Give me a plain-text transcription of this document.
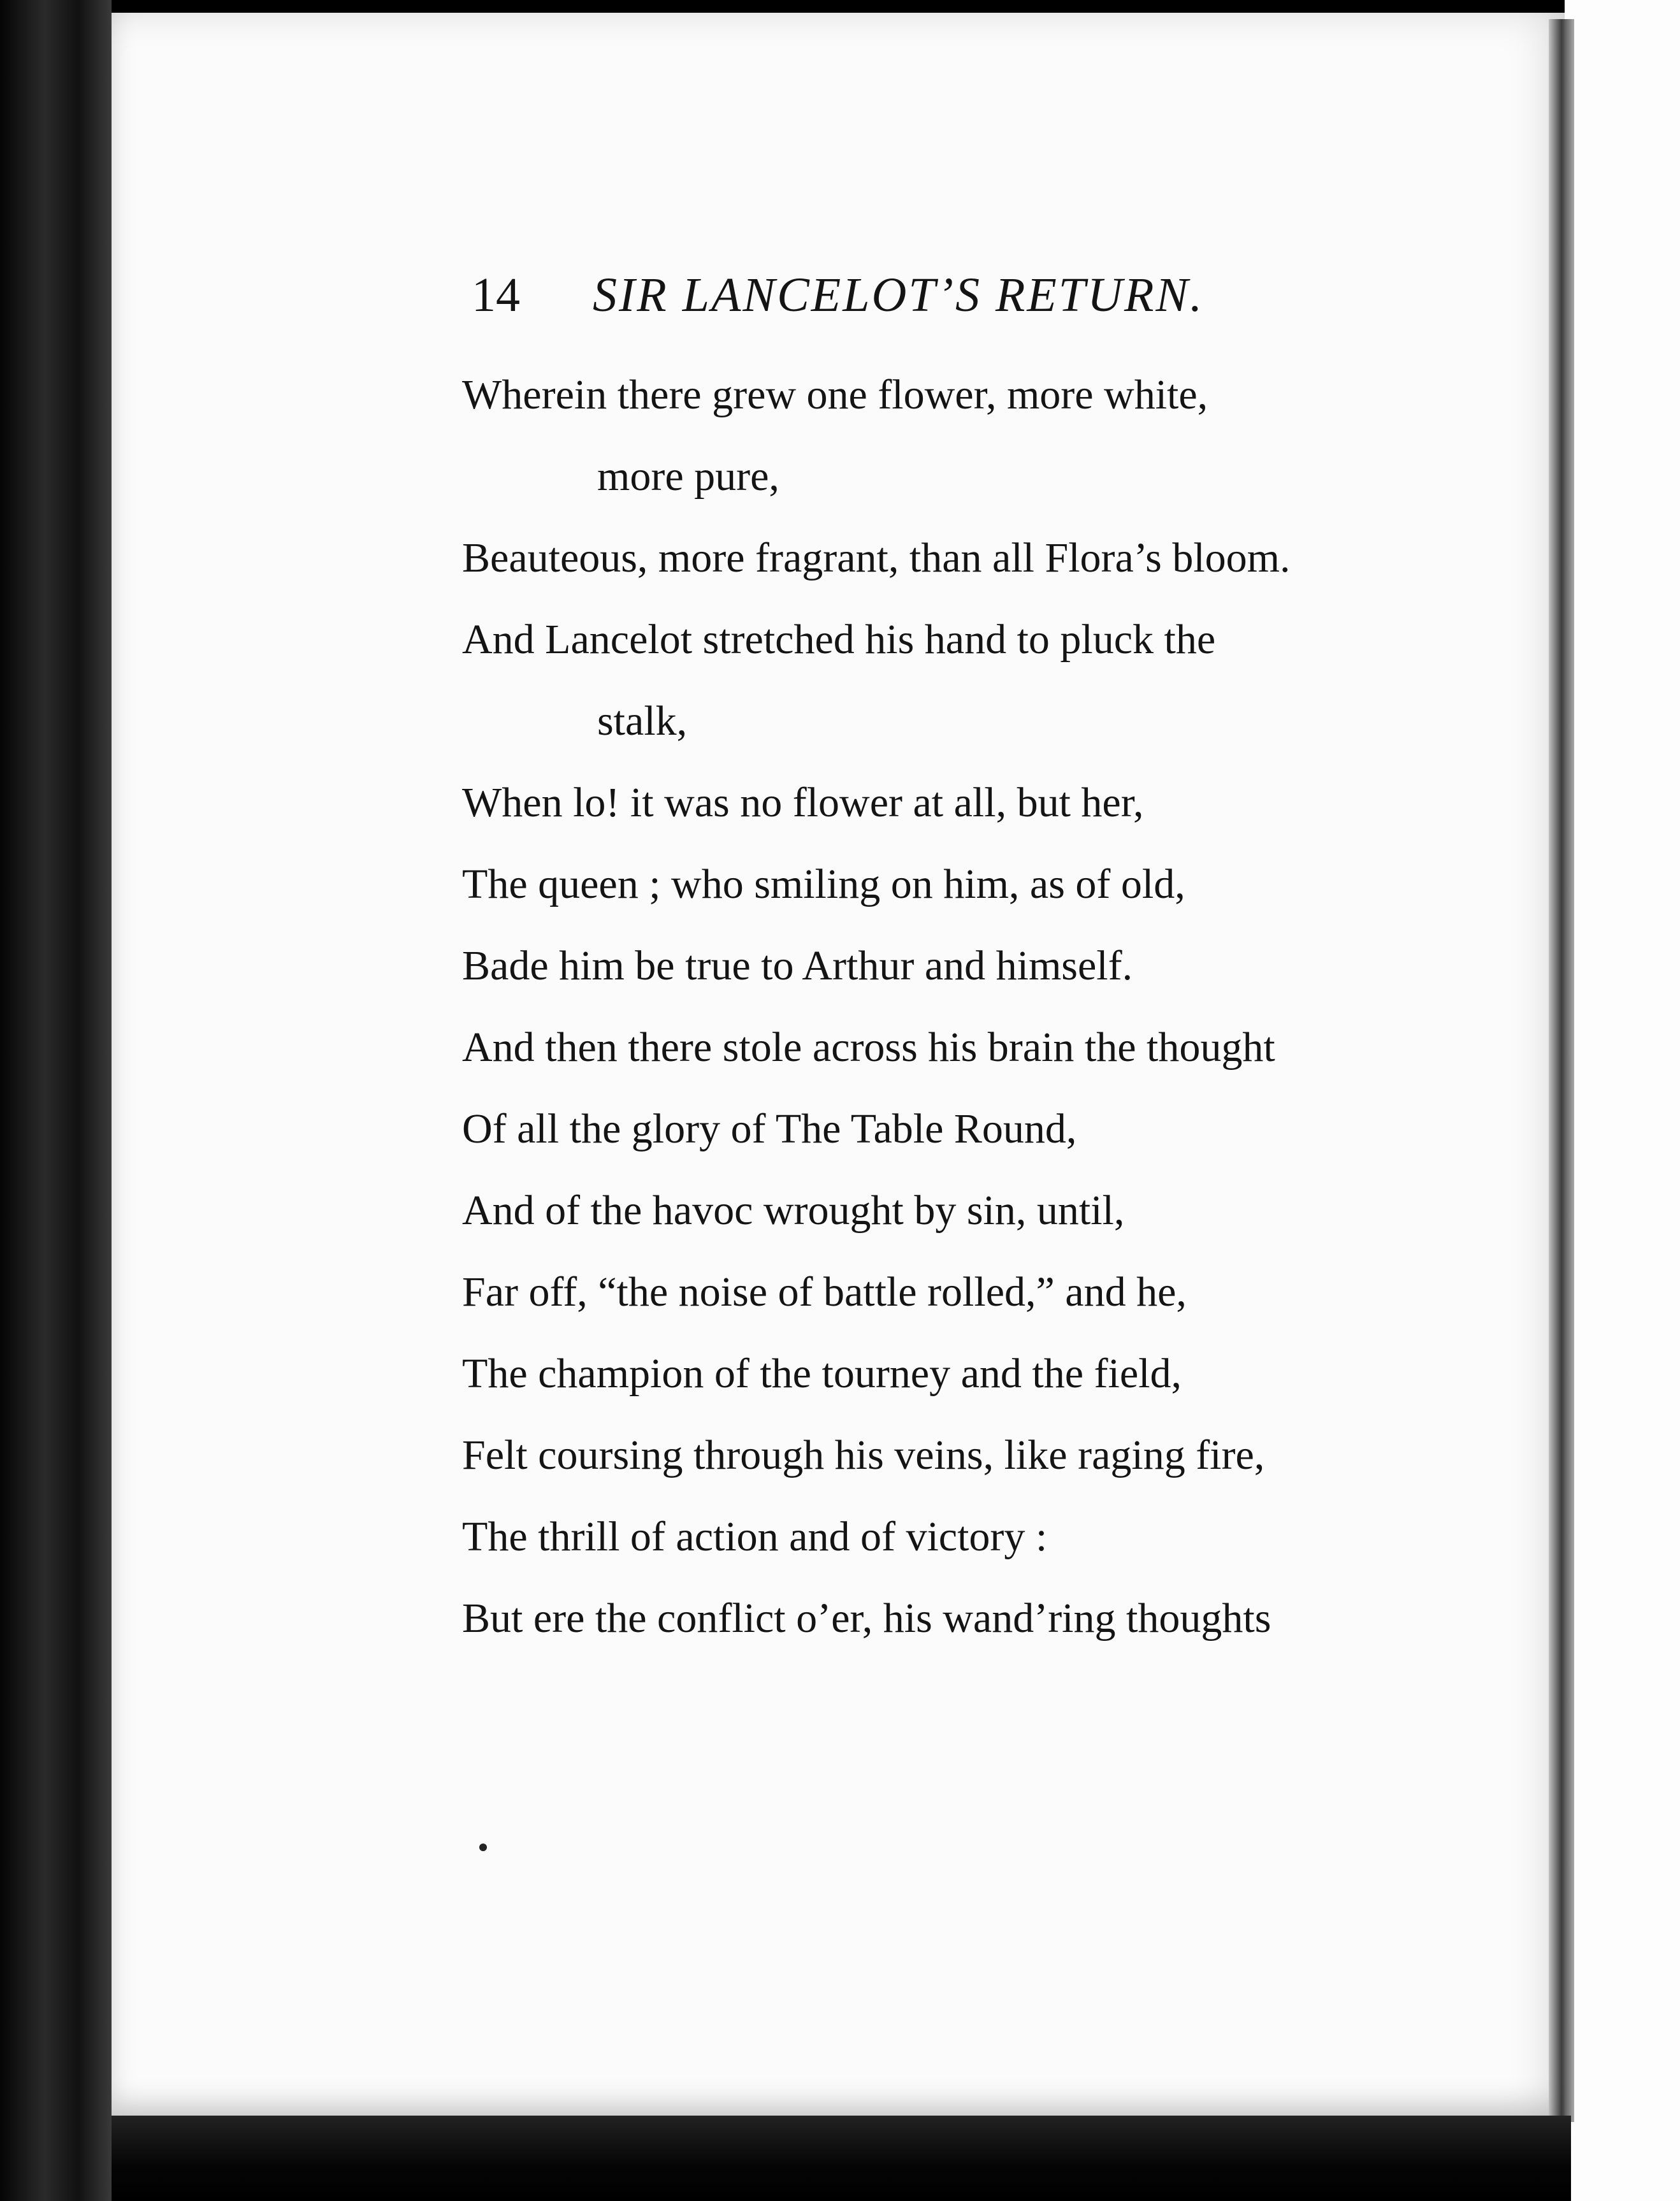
14 SIR LANCELOT’S RETURN.
Wherein there grew one flower, more white,
more pure,
Beauteous, more fragrant, than all Flora’s bloom.
And Lancelot stretched his hand to pluck the
stalk,
When lo! it was no flower at all, but her,
The queen ; who smiling on him, as of old,
Bade him be true to Arthur and himself.
And then there stole across his brain the thought
Of all the glory of The Table Round,
And of the havoc wrought by sin, until,
Far off, “the noise of battle rolled,” and he,
The champion of the tourney and the field,
Felt coursing through his veins, like raging fire,
The thrill of action and of victory :
But ere the conflict o’er, his wand’ring thoughts
